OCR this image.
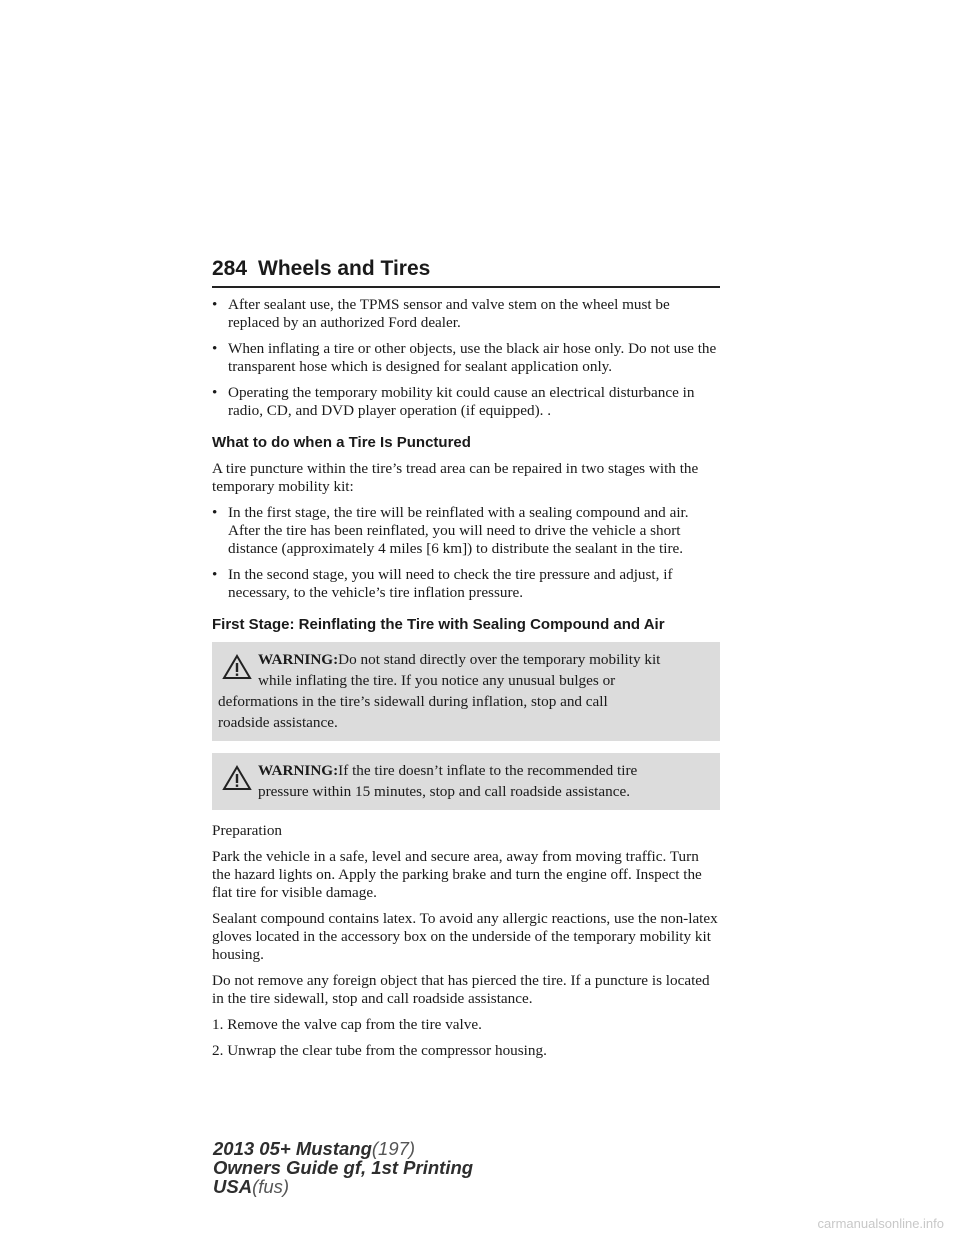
284 Wheels and Tires
• After sealant use, the TPMS sensor and valve stem on the wheel must be replaced by an authorized Ford dealer.
• When inflating a tire or other objects, use the black air hose only. Do not use the transparent hose which is designed for sealant application only.
• Operating the temporary mobility kit could cause an electrical disturbance in radio, CD, and DVD player operation (if equipped). .
What to do when a Tire Is Punctured

A tire puncture within the tire’s tread area can be repaired in two stages with the temporary mobility kit:

• In the first stage, the tire will be reinflated with a sealing compound and air. After the tire has been reinflated, you will need to drive the vehicle a short distance (approximately 4 miles [6 km]) to distribute the sealant in the tire.
• In the second stage, you will need to check the tire pressure and adjust, if necessary, to the vehicle’s tire inflation pressure.
First Stage: Reinflating the Tire with Sealing Compound and Air
WARNING:Do not stand directly over the temporary mobility kit
while inflating the tire. If you notice any unusual bulges or
deformations in the tire’s sidewall during inflation, stop and call
roadside assistance.
WARNING:If the tire doesn’t inflate to the recommended tire
pressure within 15 minutes, stop and call roadside assistance.

Preparation

Park the vehicle in a safe, level and secure area, away from moving traffic. Turn the hazard lights on. Apply the parking brake and turn the engine off. Inspect the flat tire for visible damage.

Sealant compound contains latex. To avoid any allergic reactions, use the non-latex gloves located in the accessory box on the underside of the temporary mobility kit housing.

Do not remove any foreign object that has pierced the tire. If a puncture is located in the tire sidewall, stop and call roadside assistance.

1. Remove the valve cap from the tire valve.

2. Unwrap the clear tube from the compressor housing.

2013 05+ Mustang(197)
Owners Guide gf, 1st Printing
USA(fus)
carmanualsonline.info
